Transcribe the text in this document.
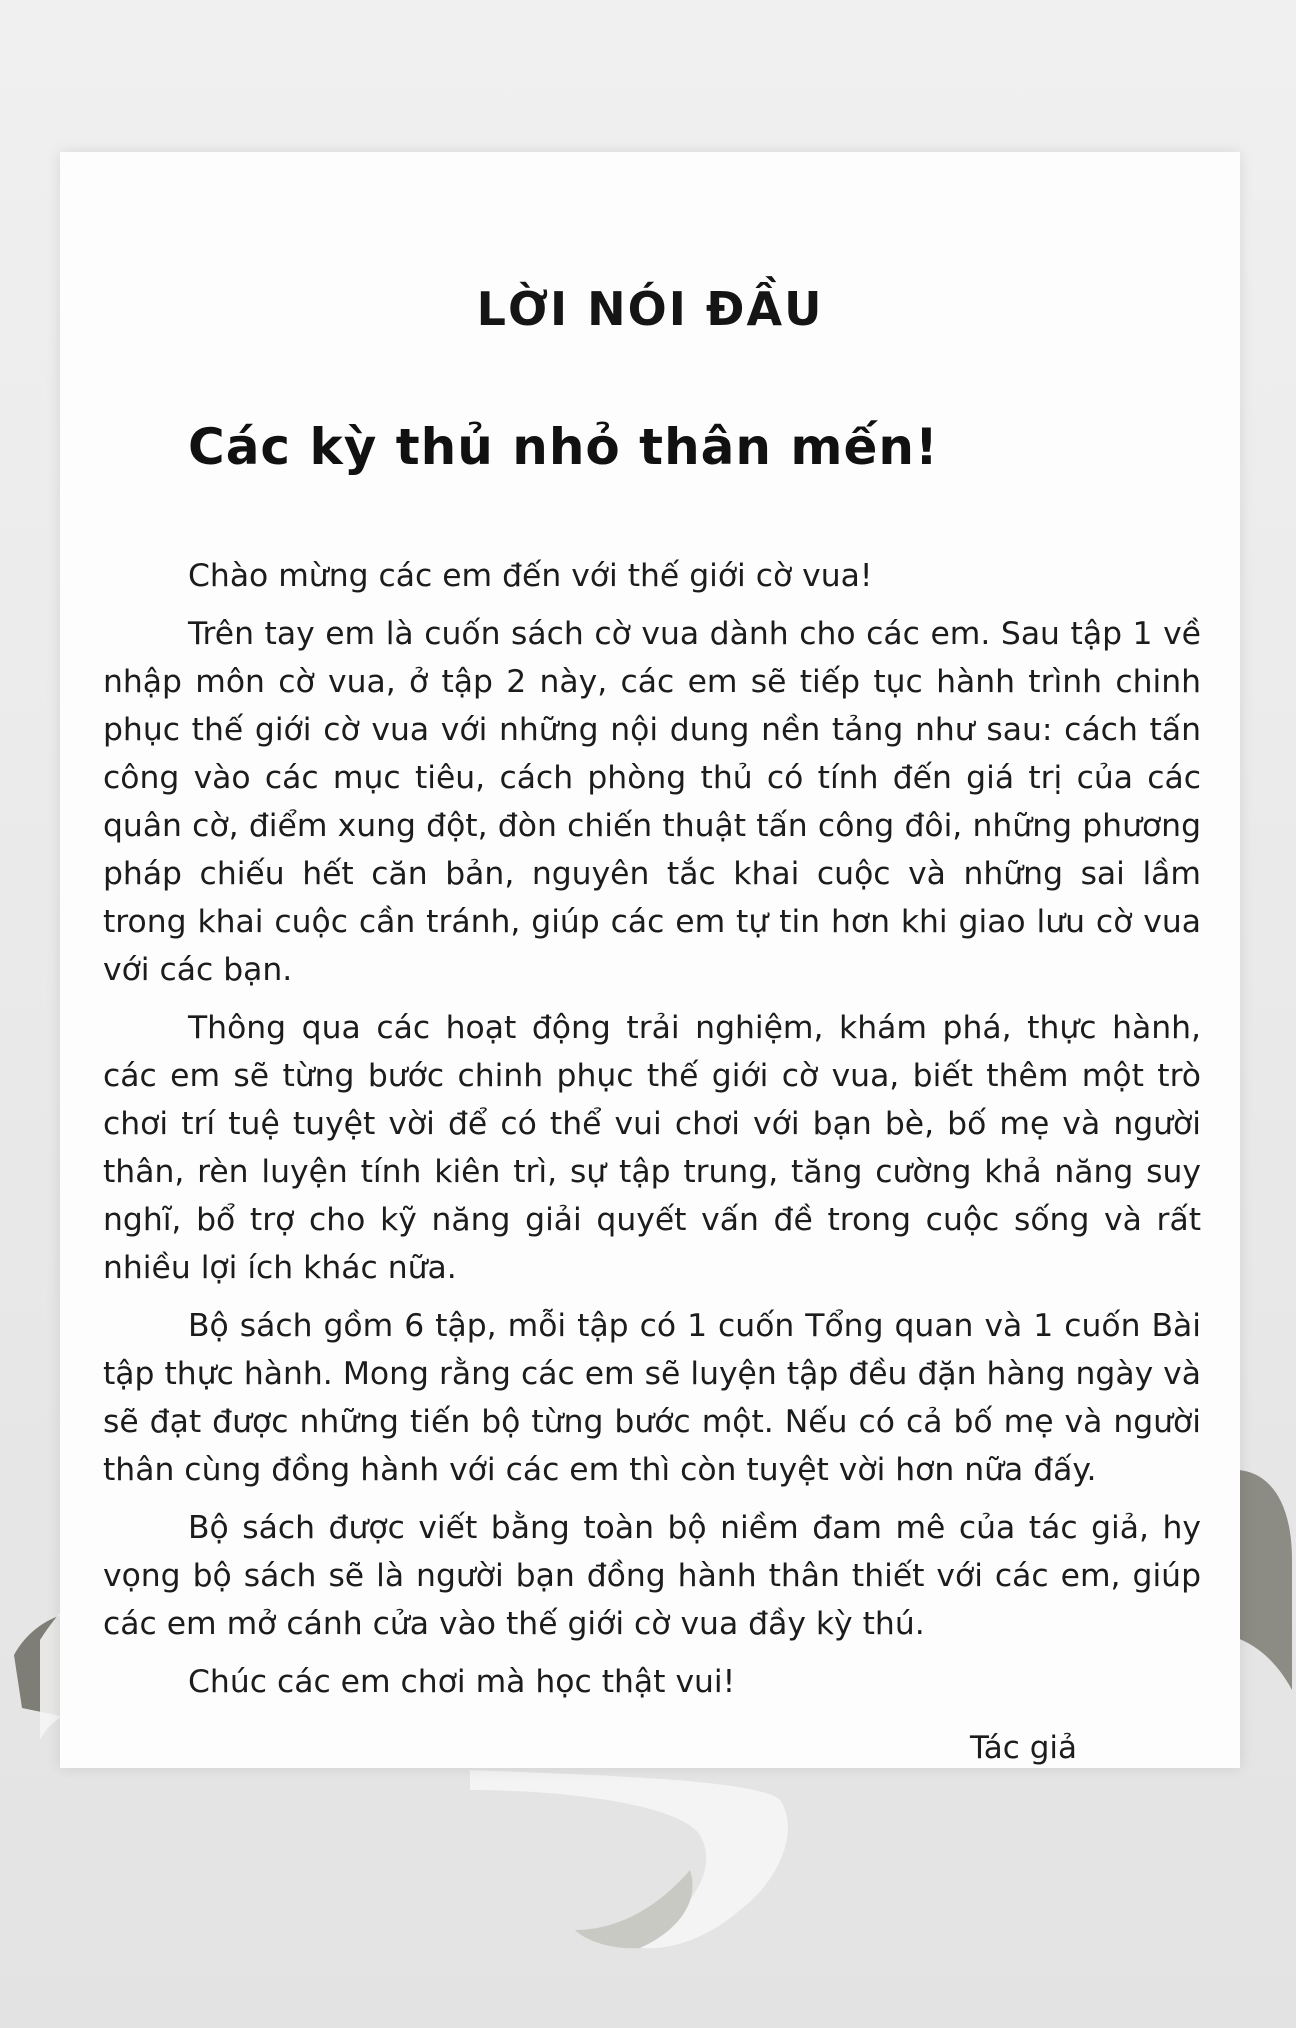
LỜI NÓI ĐẦU
Các kỳ thủ nhỏ thân mến!

Chào mừng các em đến với thế giới cờ vua!

Trên tay em là cuốn sách cờ vua dành cho các em. Sau tập 1 về nhập môn cờ vua, ở tập 2 này, các em sẽ tiếp tục hành trình chinh phục thế giới cờ vua với những nội dung nền tảng như sau: cách tấn công vào các mục tiêu, cách phòng thủ có tính đến giá trị của các quân cờ, điểm xung đột, đòn chiến thuật tấn công đôi, những phương pháp chiếu hết căn bản, nguyên tắc khai cuộc và những sai lầm trong khai cuộc cần tránh, giúp các em tự tin hơn khi giao lưu cờ vua với các bạn.

Thông qua các hoạt động trải nghiệm, khám phá, thực hành, các em sẽ từng bước chinh phục thế giới cờ vua, biết thêm một trò chơi trí tuệ tuyệt vời để có thể vui chơi với bạn bè, bố mẹ và người thân, rèn luyện tính kiên trì, sự tập trung, tăng cường khả năng suy nghĩ, bổ trợ cho kỹ năng giải quyết vấn đề trong cuộc sống và rất nhiều lợi ích khác nữa.

Bộ sách gồm 6 tập, mỗi tập có 1 cuốn Tổng quan và 1 cuốn Bài tập thực hành. Mong rằng các em sẽ luyện tập đều đặn hàng ngày và sẽ đạt được những tiến bộ từng bước một. Nếu có cả bố mẹ và người thân cùng đồng hành với các em thì còn tuyệt vời hơn nữa đấy.

Bộ sách được viết bằng toàn bộ niềm đam mê của tác giả, hy vọng bộ sách sẽ là người bạn đồng hành thân thiết với các em, giúp các em mở cánh cửa vào thế giới cờ vua đầy kỳ thú.

Chúc các em chơi mà học thật vui!

Tác giả
